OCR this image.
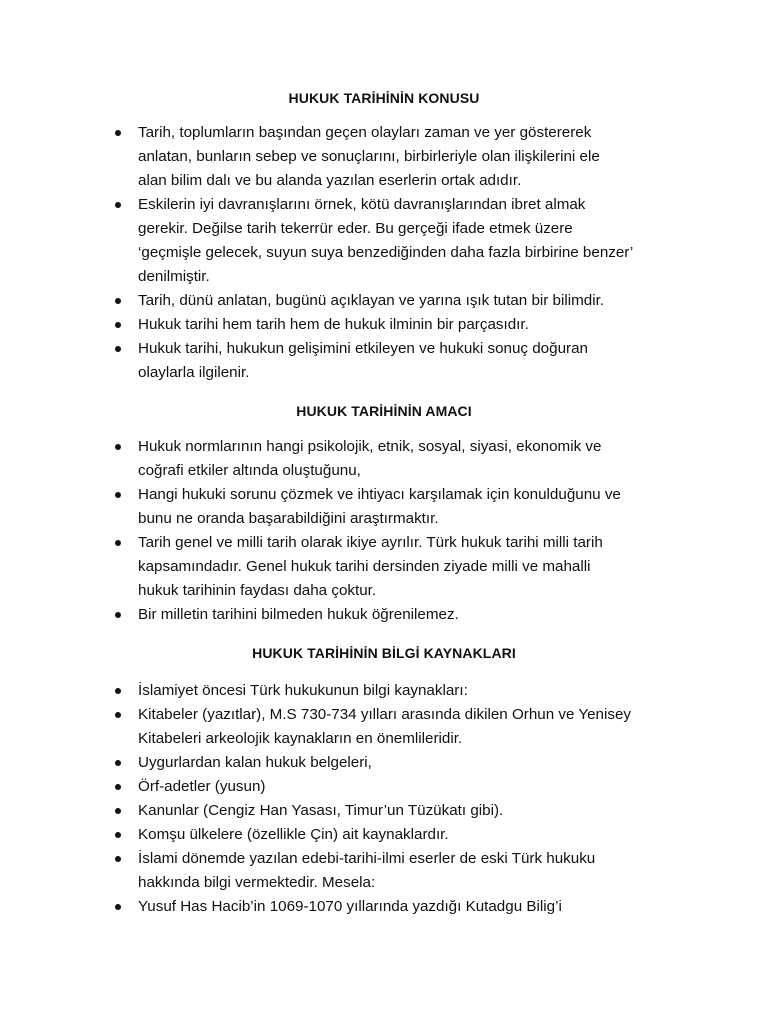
HUKUK TARİHİNİN KONUSU
Tarih, toplumların başından geçen olayları zaman ve yer göstererek
anlatan, bunların sebep ve sonuçlarını, birbirleriyle olan ilişkilerini ele
alan bilim dalı ve bu alanda yazılan eserlerin ortak adıdır.
Eskilerin iyi davranışlarını örnek, kötü davranışlarından ibret almak
gerekir. Değilse tarih tekerrür eder. Bu gerçeği ifade etmek üzere
‘geçmişle gelecek, suyun suya benzediğinden daha fazla birbirine benzer’
denilmiştir.
Tarih, dünü anlatan, bugünü açıklayan ve yarına ışık tutan bir bilimdir.
Hukuk tarihi hem tarih hem de hukuk ilminin bir parçasıdır.
Hukuk tarihi, hukukun gelişimini etkileyen ve hukuki sonuç doğuran
olaylarla ilgilenir.
HUKUK TARİHİNİN AMACI
Hukuk normlarının hangi psikolojik, etnik, sosyal, siyasi, ekonomik ve
coğrafi etkiler altında oluştuğunu,
Hangi hukuki sorunu çözmek ve ihtiyacı karşılamak için konulduğunu ve
bunu ne oranda başarabildiğini araştırmaktır.
Tarih genel ve milli tarih olarak ikiye ayrılır. Türk hukuk tarihi milli tarih
kapsamındadır. Genel hukuk tarihi dersinden ziyade milli ve mahalli
hukuk tarihinin faydası daha çoktur.
Bir milletin tarihini bilmeden hukuk öğrenilemez.
HUKUK TARİHİNİN BİLGİ KAYNAKLARI
İslamiyet öncesi Türk hukukunun bilgi kaynakları:
Kitabeler (yazıtlar), M.S 730-734 yılları arasında dikilen Orhun ve Yenisey
Kitabeleri arkeolojik kaynakların en önemlileridir.
Uygurlardan kalan hukuk belgeleri,
Örf-adetler (yusun)
Kanunlar (Cengiz Han Yasası, Timur’un Tüzükatı gibi).
Komşu ülkelere (özellikle Çin) ait kaynaklardır.
İslami dönemde yazılan edebi-tarihi-ilmi eserler de eski Türk hukuku
hakkında bilgi vermektedir. Mesela:
Yusuf Has Hacib’in 1069-1070 yıllarında yazdığı Kutadgu Bilig’i
